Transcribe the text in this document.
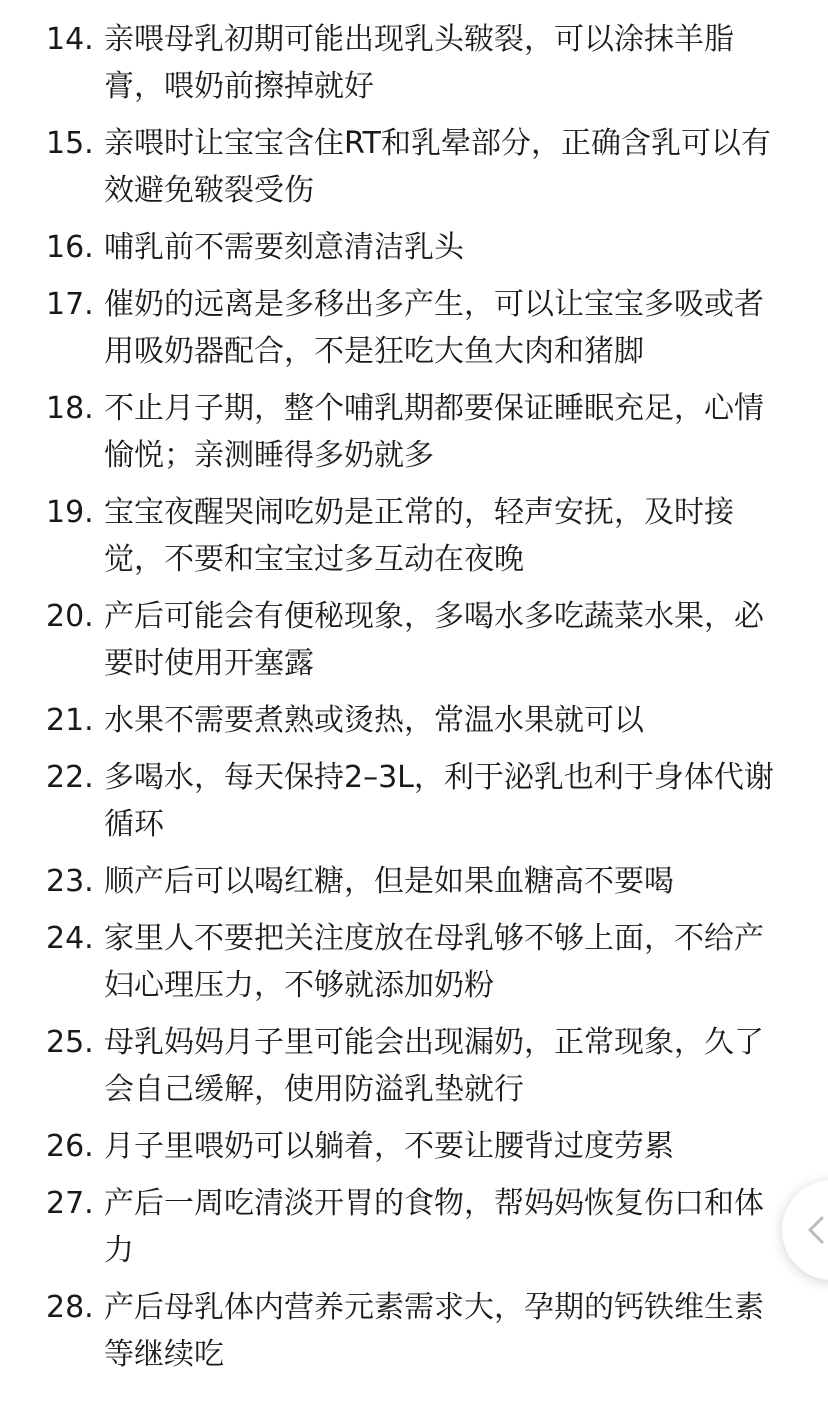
14. 亲喂母乳初期可能出现乳头皲裂，可以涂抹羊脂膏，喂奶前擦掉就好
15. 亲喂时让宝宝含住RT和乳晕部分，正确含乳可以有效避免皲裂受伤
16. 哺乳前不需要刻意清洁乳头
17. 催奶的远离是多移出多产生，可以让宝宝多吸或者用吸奶器配合，不是狂吃大鱼大肉和猪脚
18. 不止月子期，整个哺乳期都要保证睡眠充足，心情愉悦；亲测睡得多奶就多
19. 宝宝夜醒哭闹吃奶是正常的，轻声安抚，及时接觉，不要和宝宝过多互动在夜晚
20. 产后可能会有便秘现象，多喝水多吃蔬菜水果，必要时使用开塞露
21. 水果不需要煮熟或烫热，常温水果就可以
22. 多喝水，每天保持2–3L，利于泌乳也利于身体代谢循环
23. 顺产后可以喝红糖，但是如果血糖高不要喝
24. 家里人不要把关注度放在母乳够不够上面，不给产妇心理压力，不够就添加奶粉
25. 母乳妈妈月子里可能会出现漏奶，正常现象，久了会自己缓解，使用防溢乳垫就行
26. 月子里喂奶可以躺着，不要让腰背过度劳累
27. 产后一周吃清淡开胃的食物，帮妈妈恢复伤口和体力
28. 产后母乳体内营养元素需求大，孕期的钙铁维生素等继续吃
